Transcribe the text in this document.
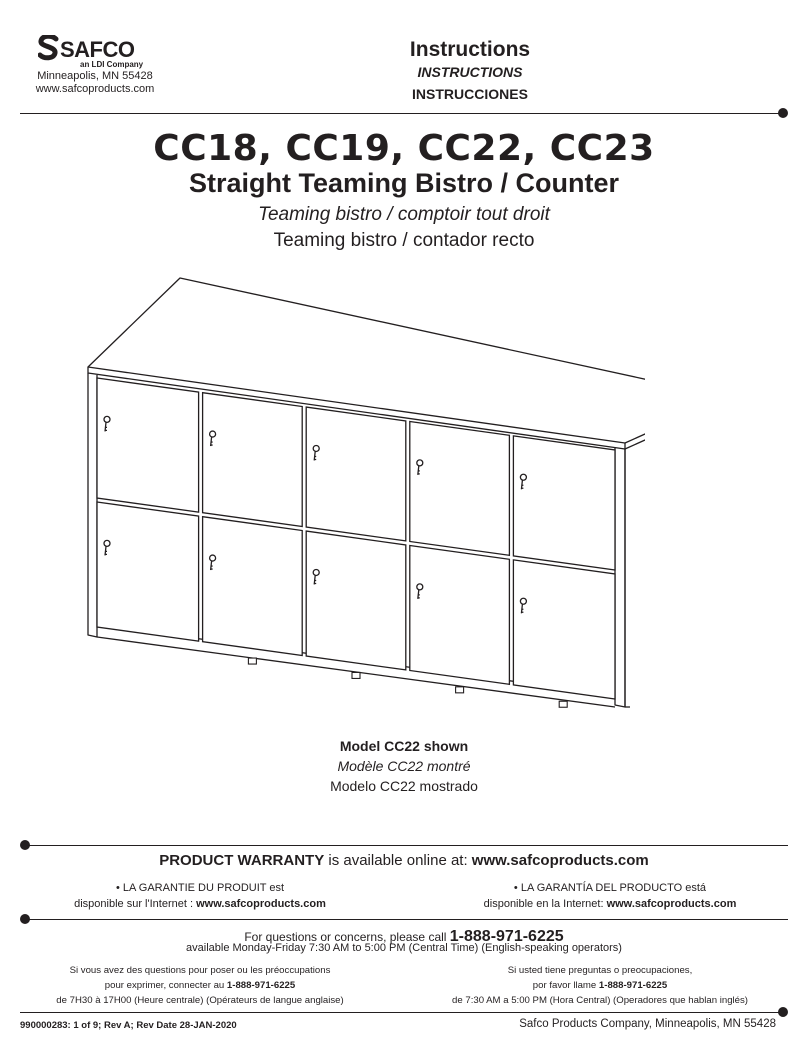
SAFCO
an LDI Company
Minneapolis, MN 55428
www.safcoproducts.com
Instructions
INSTRUCTIONS
INSTRUCCIONES
CC18, CC19, CC22, CC23
Straight Teaming Bistro / Counter
Teaming bistro / comptoir tout droit
Teaming bistro / contador recto
Model CC22 shown
Modèle CC22 montré
Modelo CC22 mostrado
PRODUCT WARRANTY is available online at: www.safcoproducts.com
• LA GARANTIE DU PRODUIT est
disponible sur l'Internet : www.safcoproducts.com
• LA GARANTÍA DEL PRODUCTO está
disponible en la Internet: www.safcoproducts.com
For questions or concerns, please call 1-888-971-6225
available Monday-Friday 7:30 AM to 5:00 PM (Central Time) (English-speaking operators)
Si vous avez des questions pour poser ou les préoccupations
pour exprimer, connecter au 1-888-971-6225
de 7H30 à 17H00 (Heure centrale) (Opérateurs de langue anglaise)
Si usted tiene preguntas o preocupaciones,
por favor llame 1-888-971-6225
de 7:30 AM a 5:00 PM (Hora Central) (Operadores que hablan inglés)
990000283: 1 of 9; Rev A; Rev Date 28-JAN-2020	Safco Products Company, Minneapolis, MN 55428
